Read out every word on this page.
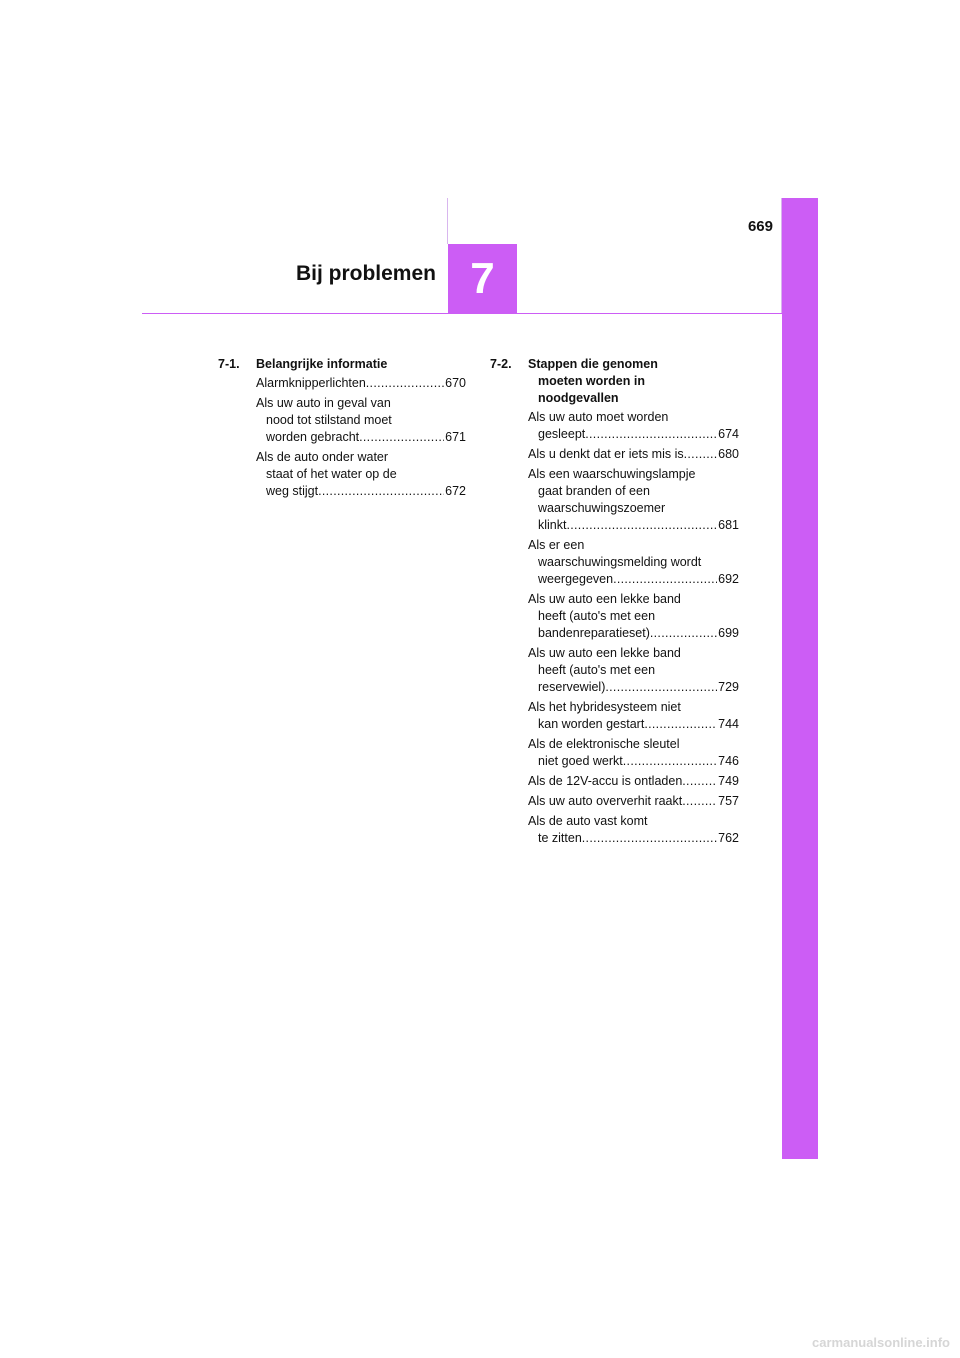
7
669
Bij problemen
7-1.	Belangrijke informatie
Alarmknipperlichten .....	670
Als uw auto in geval van
nood tot stilstand moet
worden gebracht .....	671
Als de auto onder water
staat of het water op de
weg stijgt .....	672
7-2.	Stappen die genomen
moeten worden in
noodgevallen
Als uw auto moet worden
gesleept .....	674
Als u denkt dat er iets mis is .....	680
Als een waarschuwingslampje
gaat branden of een
waarschuwingszoemer
klinkt .....	681
Als er een
waarschuwingsmelding wordt
weergegeven .....	692
Als uw auto een lekke band
heeft (auto's met een
bandenreparatieset) .....	699
Als uw auto een lekke band
heeft (auto's met een
reservewiel) .....	729
Als het hybridesysteem niet
kan worden gestart .....	744
Als de elektronische sleutel
niet goed werkt .....	746
Als de 12V-accu is ontladen .....	749
Als uw auto oververhit raakt .....	757
Als de auto vast komt
te zitten .....	762
carmanualsonline.info
